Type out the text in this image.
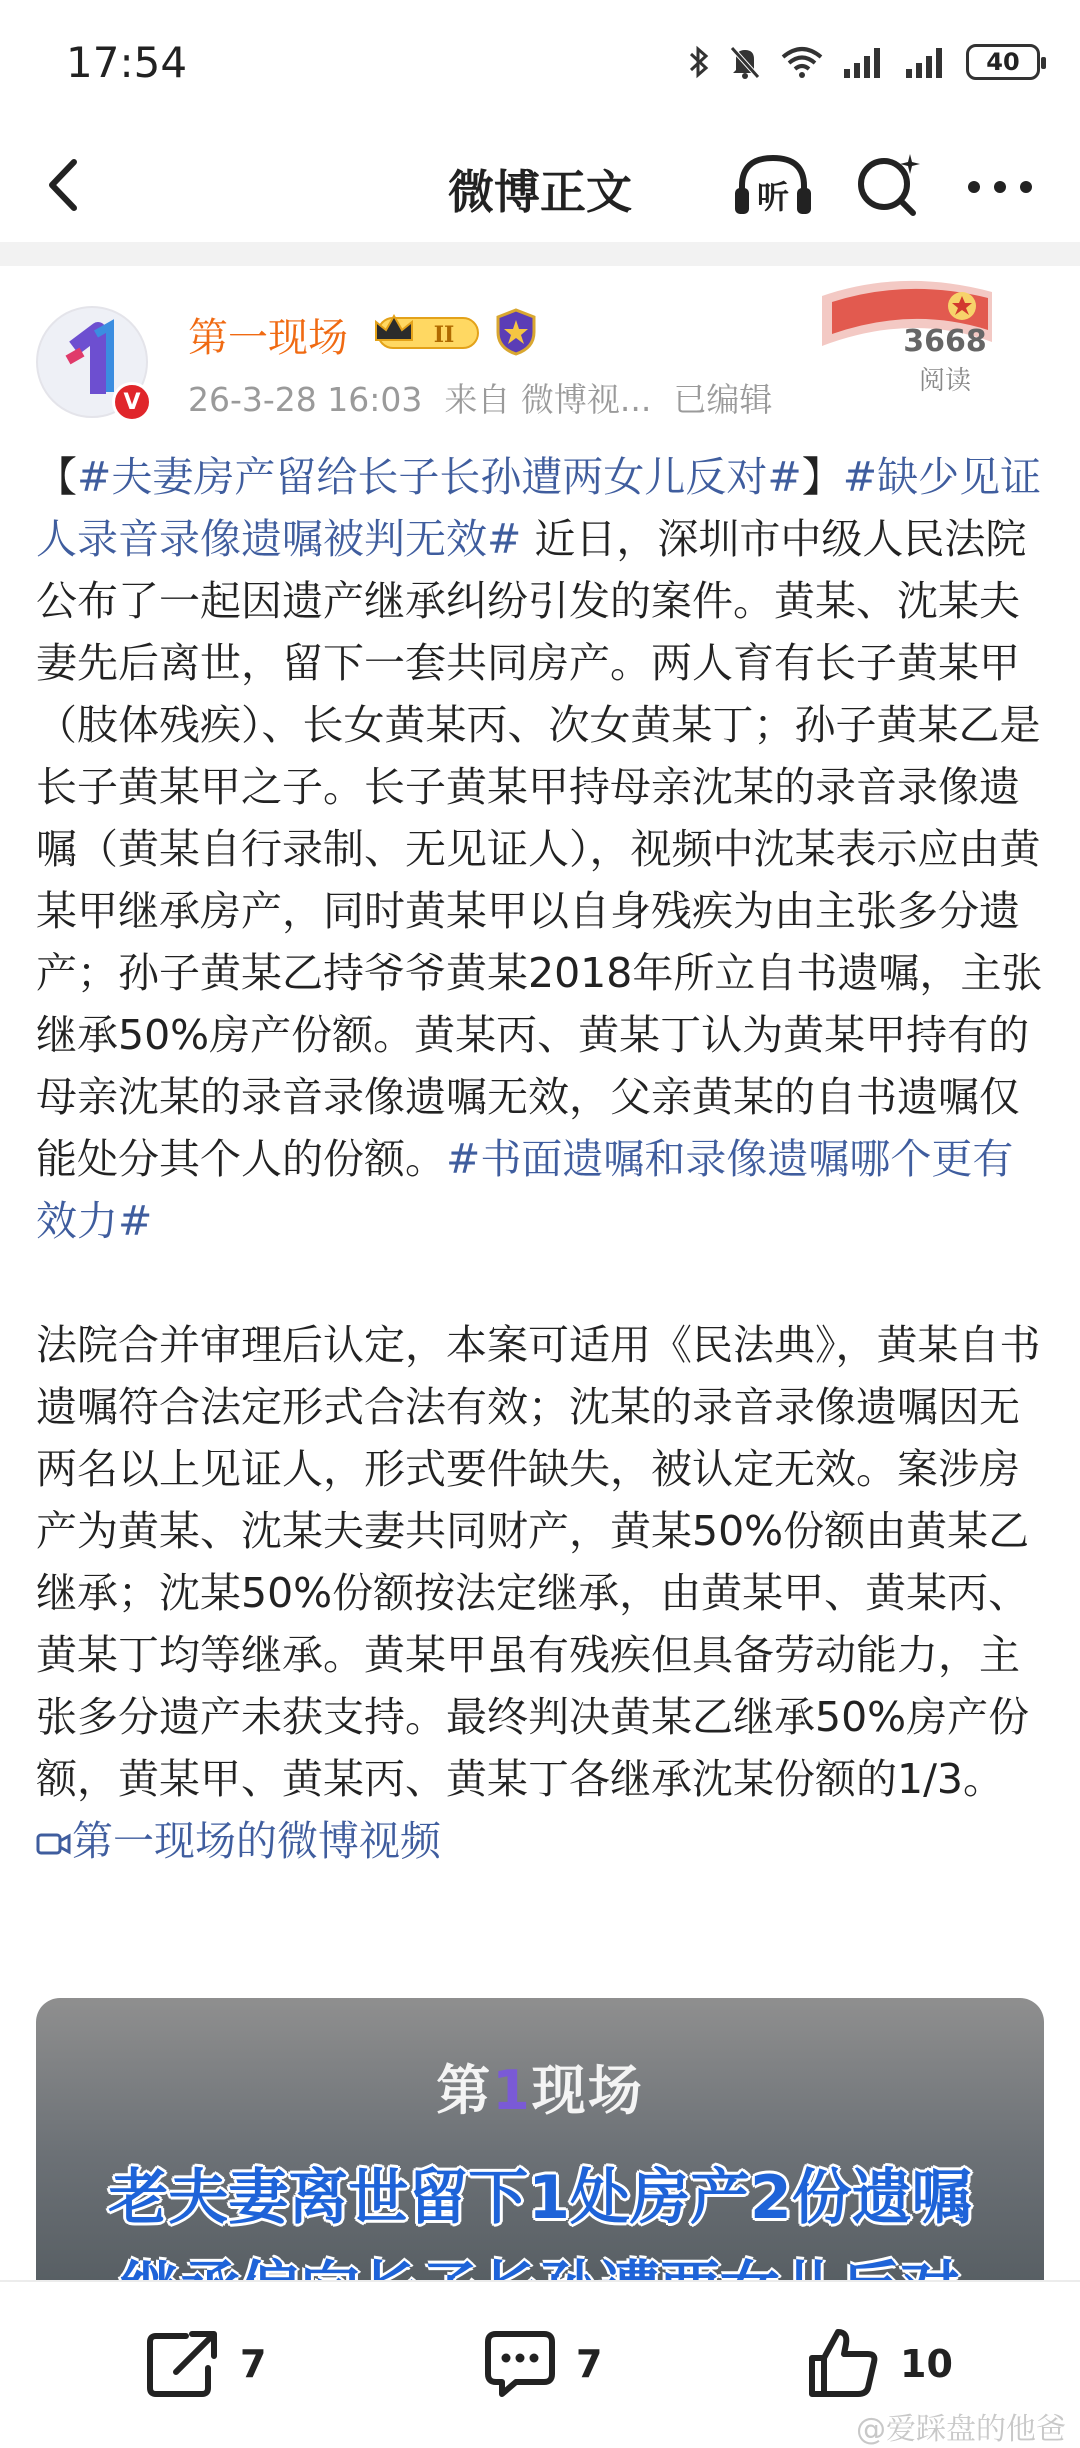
17:54	40
微博正文	听
V
第一现场	II
26-3-28 16:03 来自 微博视... 已编辑
3668
阅读

【#夫妻房产留给长子长孙遭两女儿反对#】#缺少见证人录音录像遗嘱被判无效# 近日，深圳市中级人民法院公布了一起因遗产继承纠纷引发的案件。黄某、沈某夫妻先后离世，留下一套共同房产。两人育有长子黄某甲（肢体残疾）、长女黄某丙、次女黄某丁；孙子黄某乙是长子黄某甲之子。长子黄某甲持母亲沈某的录音录像遗嘱（黄某自行录制、无见证人），视频中沈某表示应由黄某甲继承房产，同时黄某甲以自身残疾为由主张多分遗产；孙子黄某乙持爷爷黄某2018年所立自书遗嘱，主张继承50%房产份额。黄某丙、黄某丁认为黄某甲持有的母亲沈某的录音录像遗嘱无效，父亲黄某的自书遗嘱仅能处分其个人的份额。#书面遗嘱和录像遗嘱哪个更有效力#

法院合并审理后认定，本案可适用《民法典》，黄某自书遗嘱符合法定形式合法有效；沈某的录音录像遗嘱因无两名以上见证人，形式要件缺失，被认定无效。案涉房产为黄某、沈某夫妻共同财产，黄某50%份额由黄某乙继承；沈某50%份额按法定继承，由黄某甲、黄某丙、黄某丁均等继承。黄某甲虽有残疾但具备劳动能力，主张多分遗产未获支持。最终判决黄某乙继承50%房产份额，黄某甲、黄某丙、黄某丁各继承沈某份额的1/3。  第一现场的微博视频

第1现场
老夫妻离世留下1处房产2份遗嘱
7	7	10
@爱踩盘的他爸
